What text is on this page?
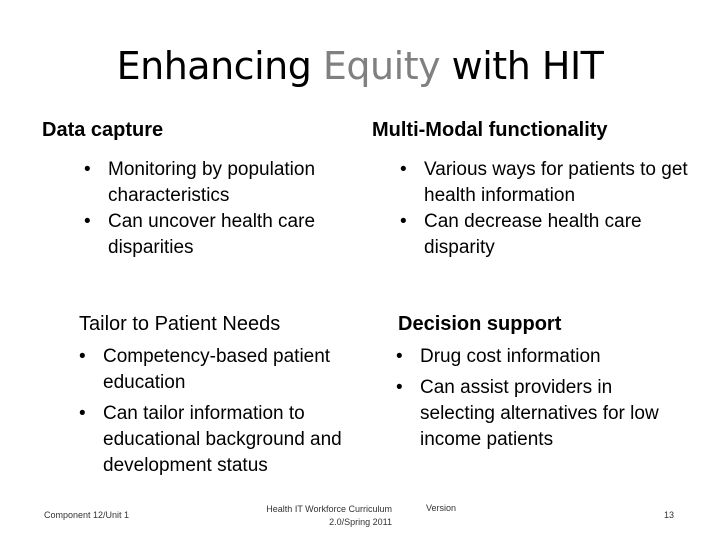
Enhancing Equity with HIT
Data capture
• Monitoring by population characteristics
• Can uncover health care disparities
Multi-Modal functionality
• Various ways for patients to get health information
• Can decrease health care disparity
Tailor to Patient Needs
• Competency-based patient education
• Can tailor information to educational background and development status
Decision support
• Drug cost information
• Can assist providers in selecting alternatives for low income patients
Component 12/Unit 1
Health IT Workforce Curriculum
2.0/Spring 2011
Version
13
